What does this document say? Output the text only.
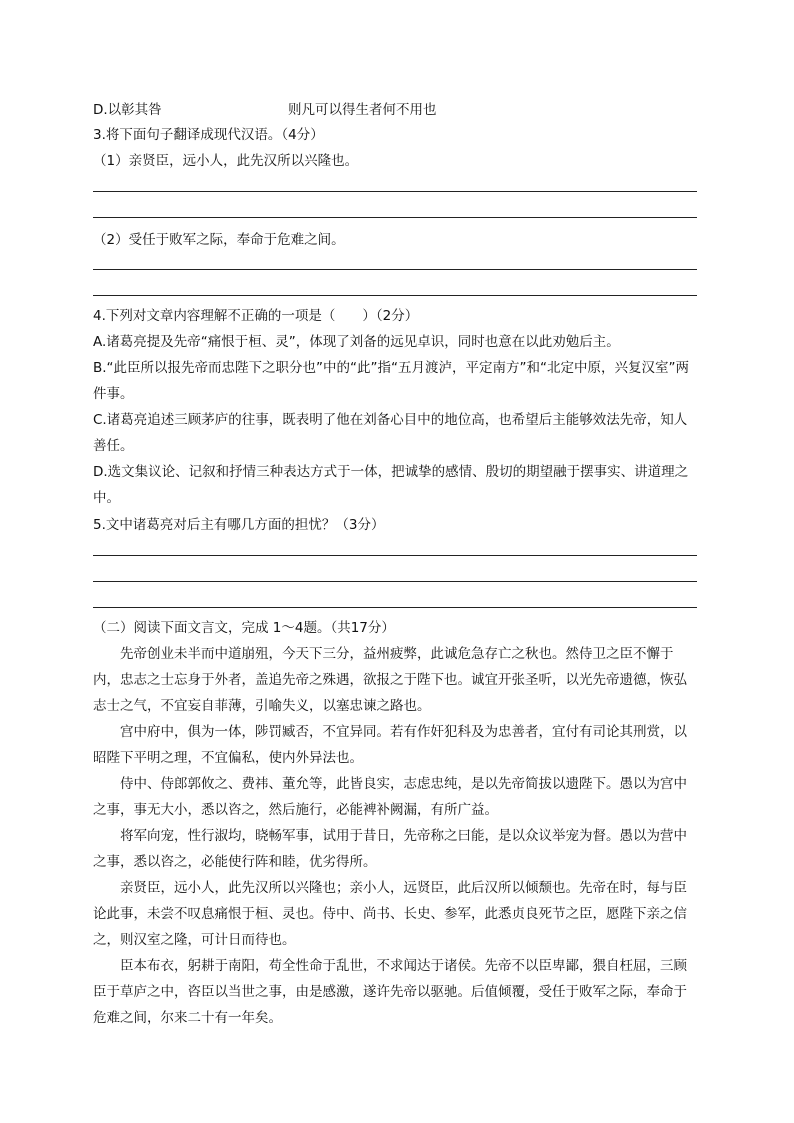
D.以彰其咎	则凡可以得生者何不用也
3.将下面句子翻译成现代汉语。（4分）
（1）亲贤臣，远小人，此先汉所以兴隆也。
（2）受任于败军之际，奉命于危难之间。
4.下列对文章内容理解不正确的一项是（　　）（2分）
A.诸葛亮提及先帝“痛恨于桓、灵”，体现了刘备的远见卓识，同时也意在以此劝勉后主。
B.“此臣所以报先帝而忠陛下之职分也”中的“此”指“五月渡泸，平定南方”和“北定中原，兴复汉室”两件事。
C.诸葛亮追述三顾茅庐的往事，既表明了他在刘备心目中的地位高，也希望后主能够效法先帝，知人善任。
D.选文集议论、记叙和抒情三种表达方式于一体，把诚挚的感情、殷切的期望融于摆事实、讲道理之中。
5.文中诸葛亮对后主有哪几方面的担忧？（3分）
（二）阅读下面文言文，完成 1～4题。（共17分）
先帝创业未半而中道崩殂，今天下三分，益州疲弊，此诚危急存亡之秋也。然侍卫之臣不懈于内，忠志之士忘身于外者，盖追先帝之殊遇，欲报之于陛下也。诚宜开张圣听，以光先帝遗德，恢弘志士之气，不宜妄自菲薄，引喻失义，以塞忠谏之路也。
宫中府中，俱为一体，陟罚臧否，不宜异同。若有作奸犯科及为忠善者，宜付有司论其刑赏，以昭陛下平明之理，不宜偏私，使内外异法也。
侍中、侍郎郭攸之、费祎、董允等，此皆良实，志虑忠纯，是以先帝简拔以遗陛下。愚以为宫中之事，事无大小，悉以咨之，然后施行，必能裨补阙漏，有所广益。
将军向宠，性行淑均，晓畅军事，试用于昔日，先帝称之曰能，是以众议举宠为督。愚以为营中之事，悉以咨之，必能使行阵和睦，优劣得所。
亲贤臣，远小人，此先汉所以兴隆也；亲小人，远贤臣，此后汉所以倾颓也。先帝在时，每与臣论此事，未尝不叹息痛恨于桓、灵也。侍中、尚书、长史、参军，此悉贞良死节之臣，愿陛下亲之信之，则汉室之隆，可计日而待也。
臣本布衣，躬耕于南阳，苟全性命于乱世，不求闻达于诸侯。先帝不以臣卑鄙，猥自枉屈，三顾臣于草庐之中，咨臣以当世之事，由是感激，遂许先帝以驱驰。后值倾覆，受任于败军之际，奉命于危难之间，尔来二十有一年矣。
